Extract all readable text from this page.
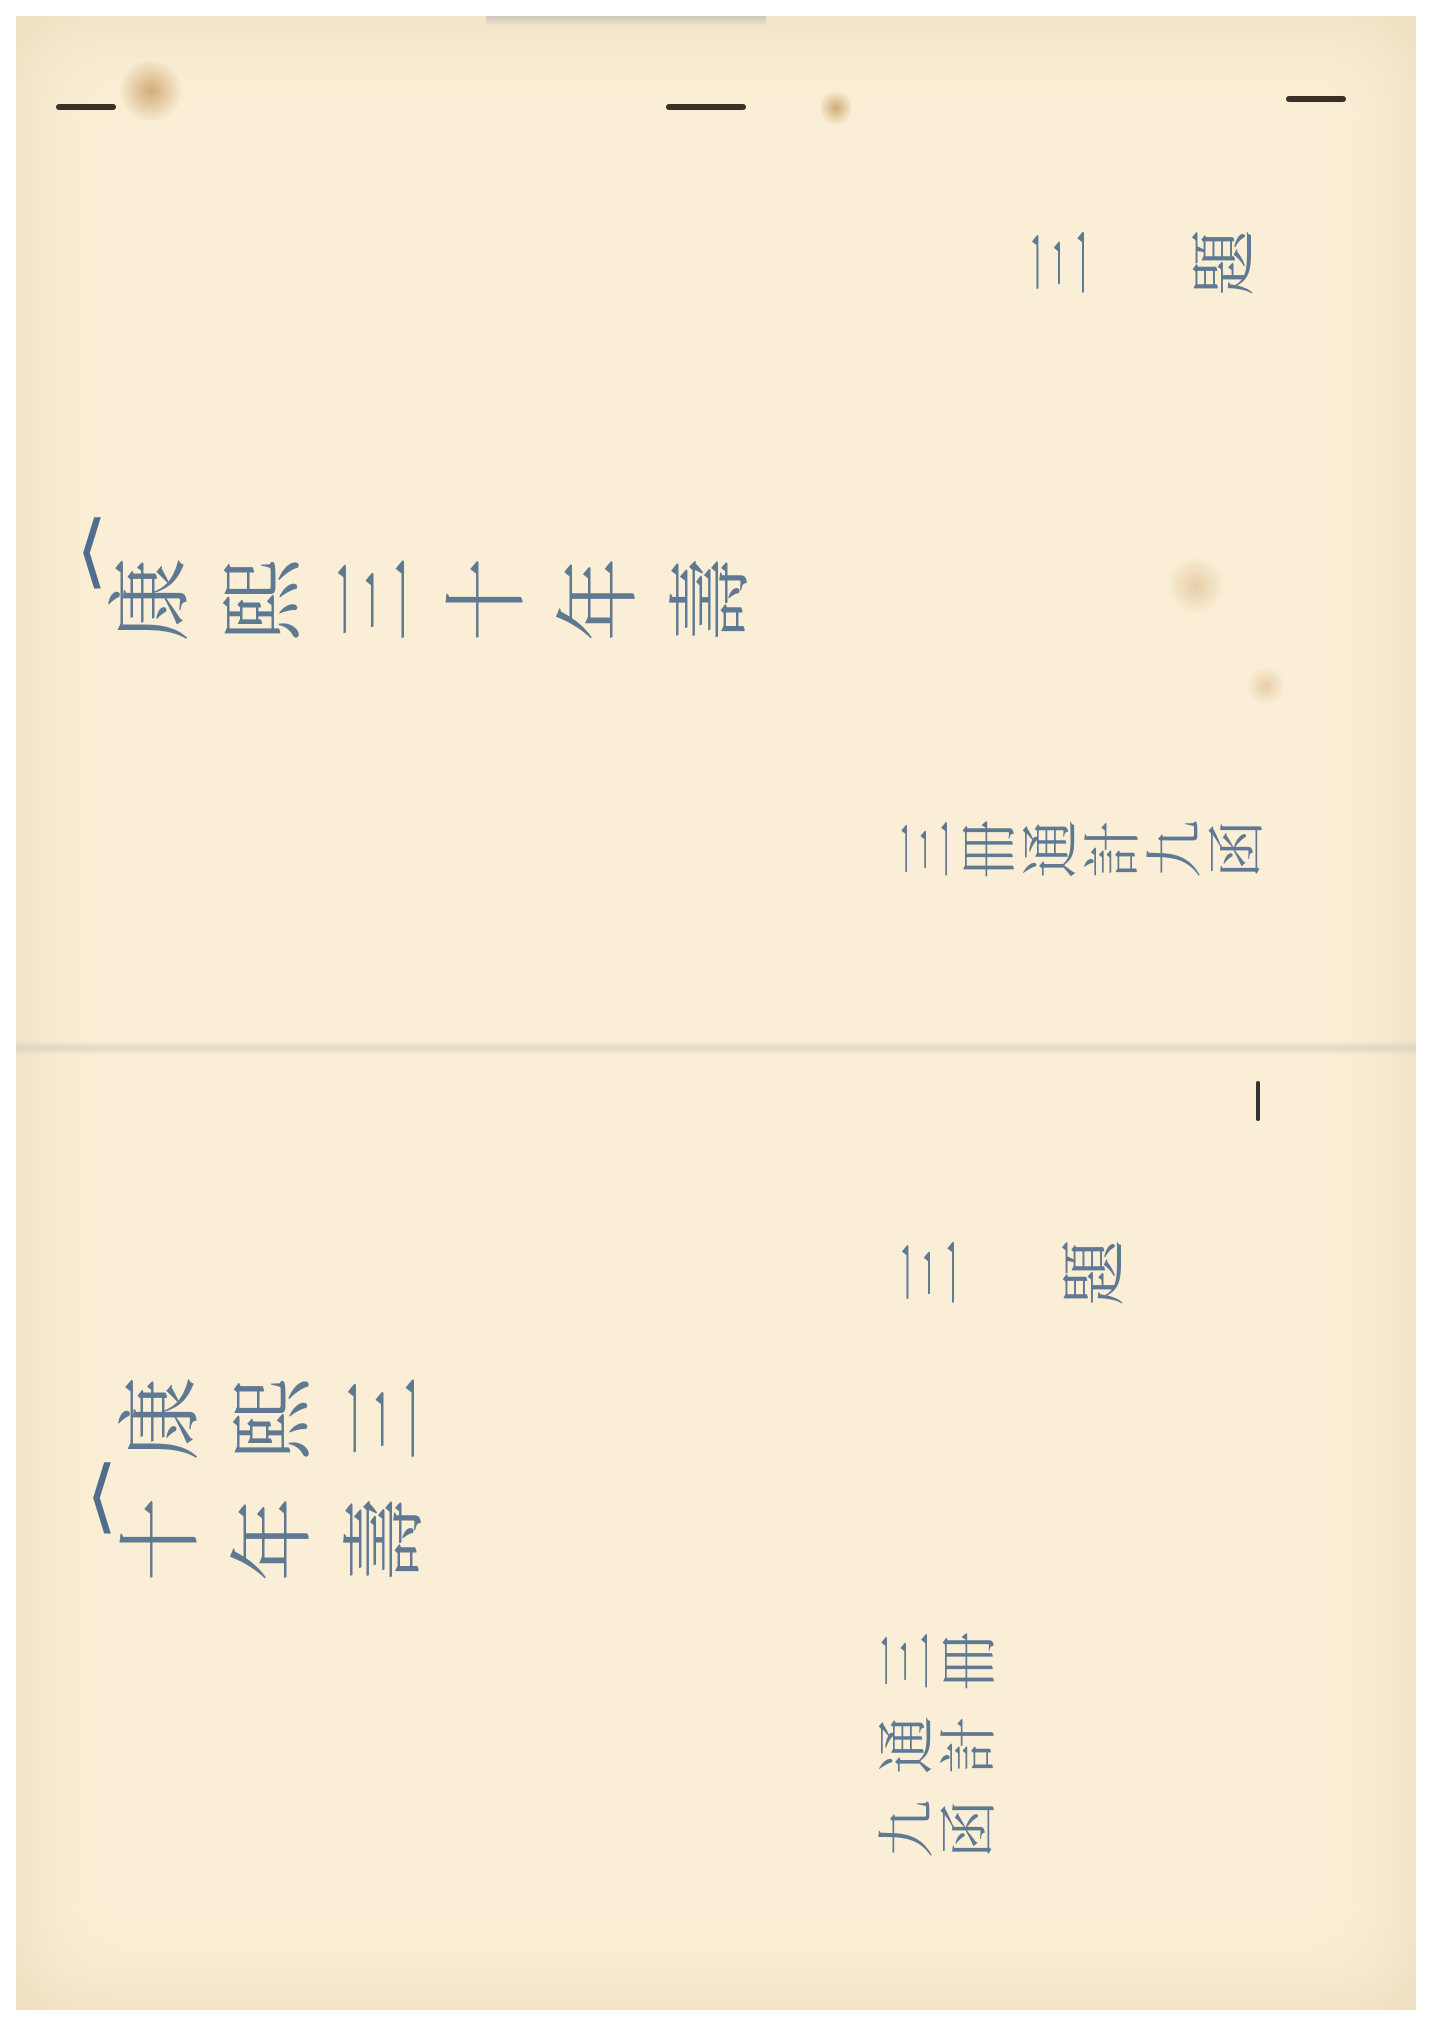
三 題
⟨
康熙三十年壽
三冊通計九函
三 題
⟨
康熙三十年壽
三冊通計九函
